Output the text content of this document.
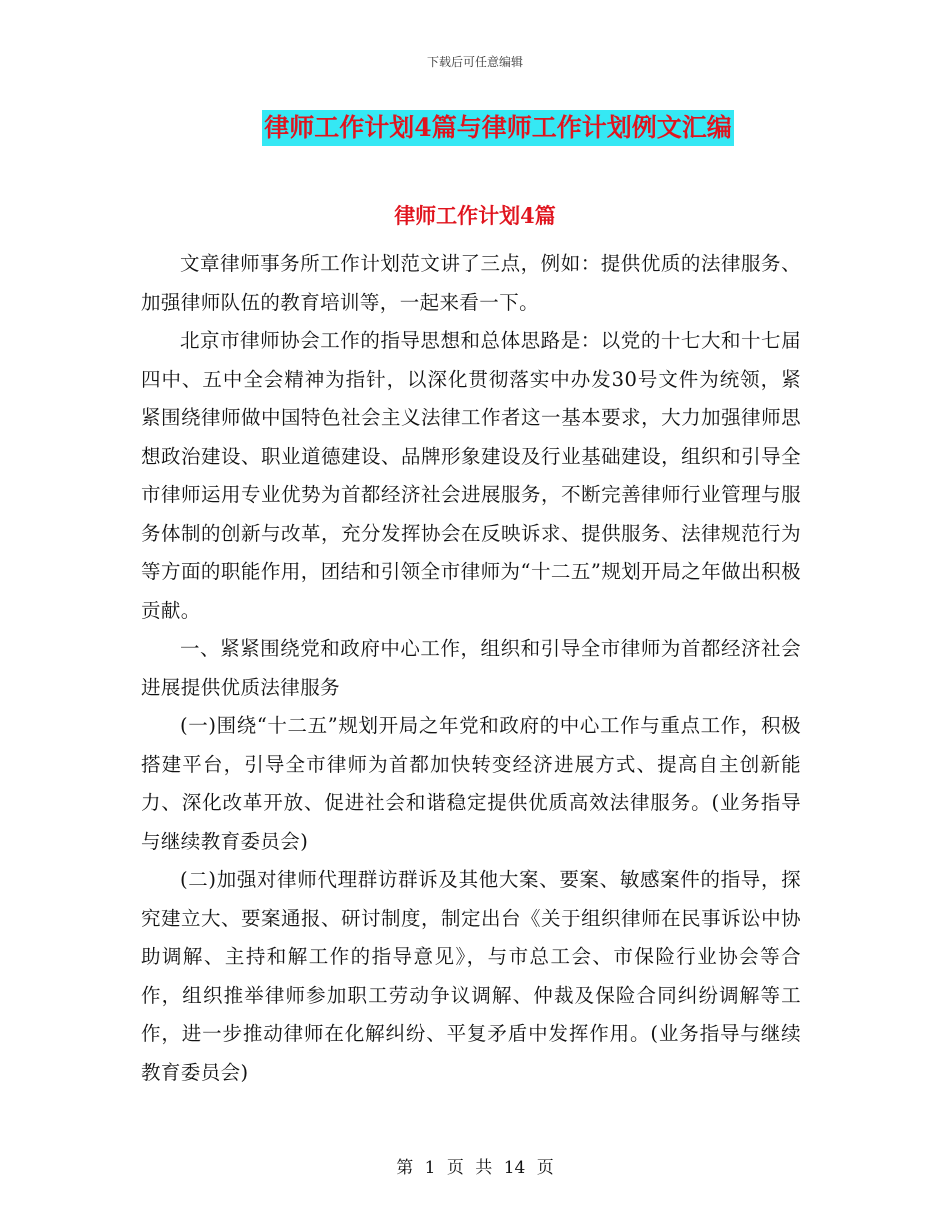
下载后可任意编辑
律师工作计划4篇与律师工作计划例文汇编
律师工作计划4篇

文章律师事务所工作计划范文讲了三点，例如：提供优质的法律服务、加强律师队伍的教育培训等，一起来看一下。

北京市律师协会工作的指导思想和总体思路是：以党的十七大和十七届四中、五中全会精神为指针，以深化贯彻落实中办发30号文件为统领，紧紧围绕律师做中国特色社会主义法律工作者这一基本要求，大力加强律师思想政治建设、职业道德建设、品牌形象建设及行业基础建设，组织和引导全市律师运用专业优势为首都经济社会进展服务，不断完善律师行业管理与服务体制的创新与改革，充分发挥协会在反映诉求、提供服务、法律规范行为等方面的职能作用，团结和引领全市律师为“十二五”规划开局之年做出积极贡献。

一、紧紧围绕党和政府中心工作，组织和引导全市律师为首都经济社会进展提供优质法律服务

(一)围绕“十二五”规划开局之年党和政府的中心工作与重点工作，积极搭建平台，引导全市律师为首都加快转变经济进展方式、提高自主创新能力、深化改革开放、促进社会和谐稳定提供优质高效法律服务。(业务指导与继续教育委员会)

(二)加强对律师代理群访群诉及其他大案、要案、敏感案件的指导，探究建立大、要案通报、研讨制度，制定出台《关于组织律师在民事诉讼中协助调解、主持和解工作的指导意见》，与市总工会、市保险行业协会等合作，组织推举律师参加职工劳动争议调解、仲裁及保险合同纠纷调解等工作，进一步推动律师在化解纠纷、平复矛盾中发挥作用。(业务指导与继续教育委员会)

第 1 页 共 14 页
